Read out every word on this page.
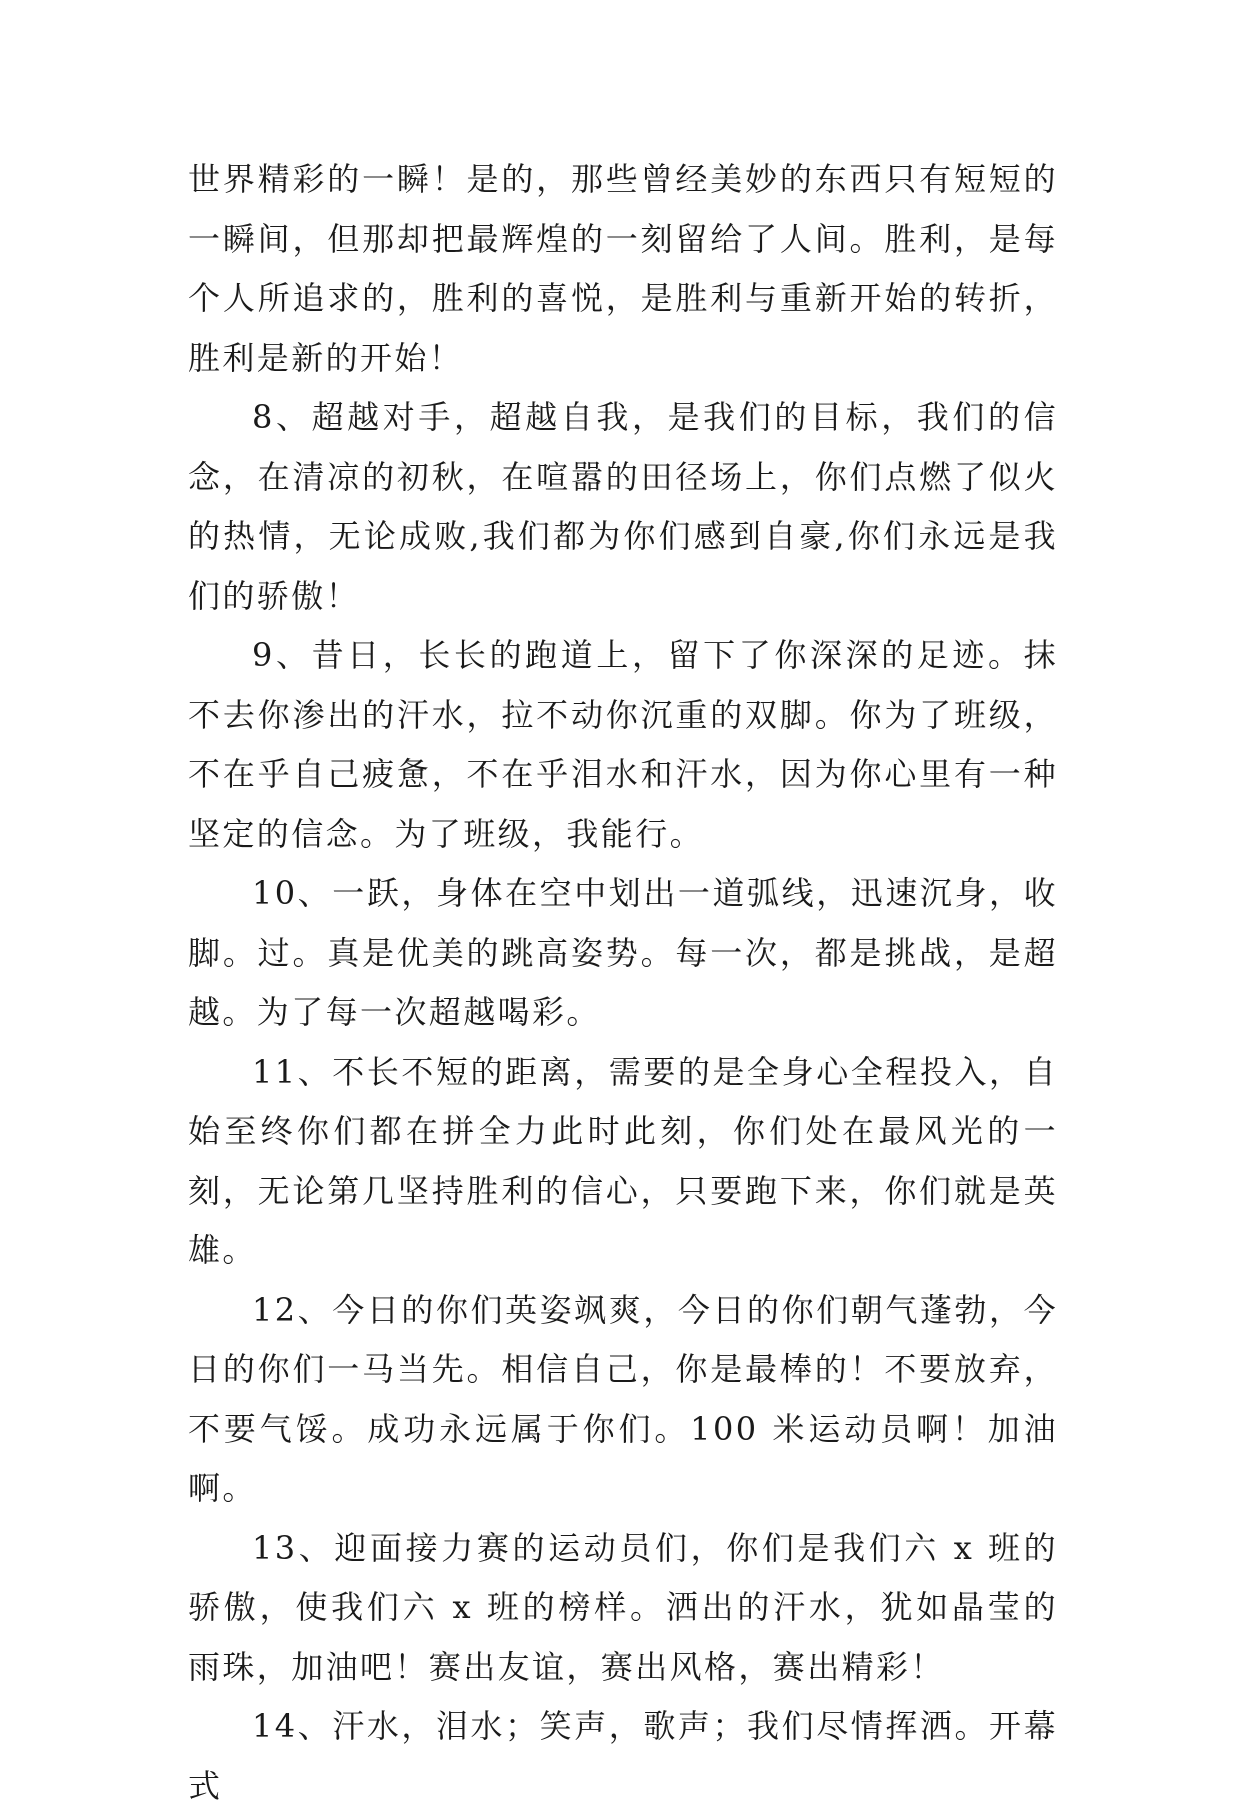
世界精彩的一瞬！是的，那些曾经美妙的东西只有短短的一瞬间，但那却把最辉煌的一刻留给了人间。胜利，是每个人所追求的，胜利的喜悦，是胜利与重新开始的转折，胜利是新的开始！

8、超越对手，超越自我，是我们的目标，我们的信念，在清凉的初秋，在喧嚣的田径场上，你们点燃了似火的热情，无论成败,我们都为你们感到自豪,你们永远是我们的骄傲！

9、昔日，长长的跑道上，留下了你深深的足迹。抹不去你渗出的汗水，拉不动你沉重的双脚。你为了班级，不在乎自己疲惫，不在乎泪水和汗水，因为你心里有一种坚定的信念。为了班级，我能行。

10、一跃，身体在空中划出一道弧线，迅速沉身，收脚。过。真是优美的跳高姿势。每一次，都是挑战，是超越。为了每一次超越喝彩。

11、不长不短的距离，需要的是全身心全程投入，自始至终你们都在拼全力此时此刻，你们处在最风光的一刻，无论第几坚持胜利的信心，只要跑下来，你们就是英雄。

12、今日的你们英姿飒爽，今日的你们朝气蓬勃，今日的你们一马当先。相信自己，你是最棒的！不要放弃，不要气馁。成功永远属于你们。100 米运动员啊！加油啊。

13、迎面接力赛的运动员们，你们是我们六 x 班的骄傲，使我们六 x 班的榜样。洒出的汗水，犹如晶莹的雨珠，加油吧！赛出友谊，赛出风格，赛出精彩！

14、汗水，泪水；笑声，歌声；我们尽情挥洒。开幕式
